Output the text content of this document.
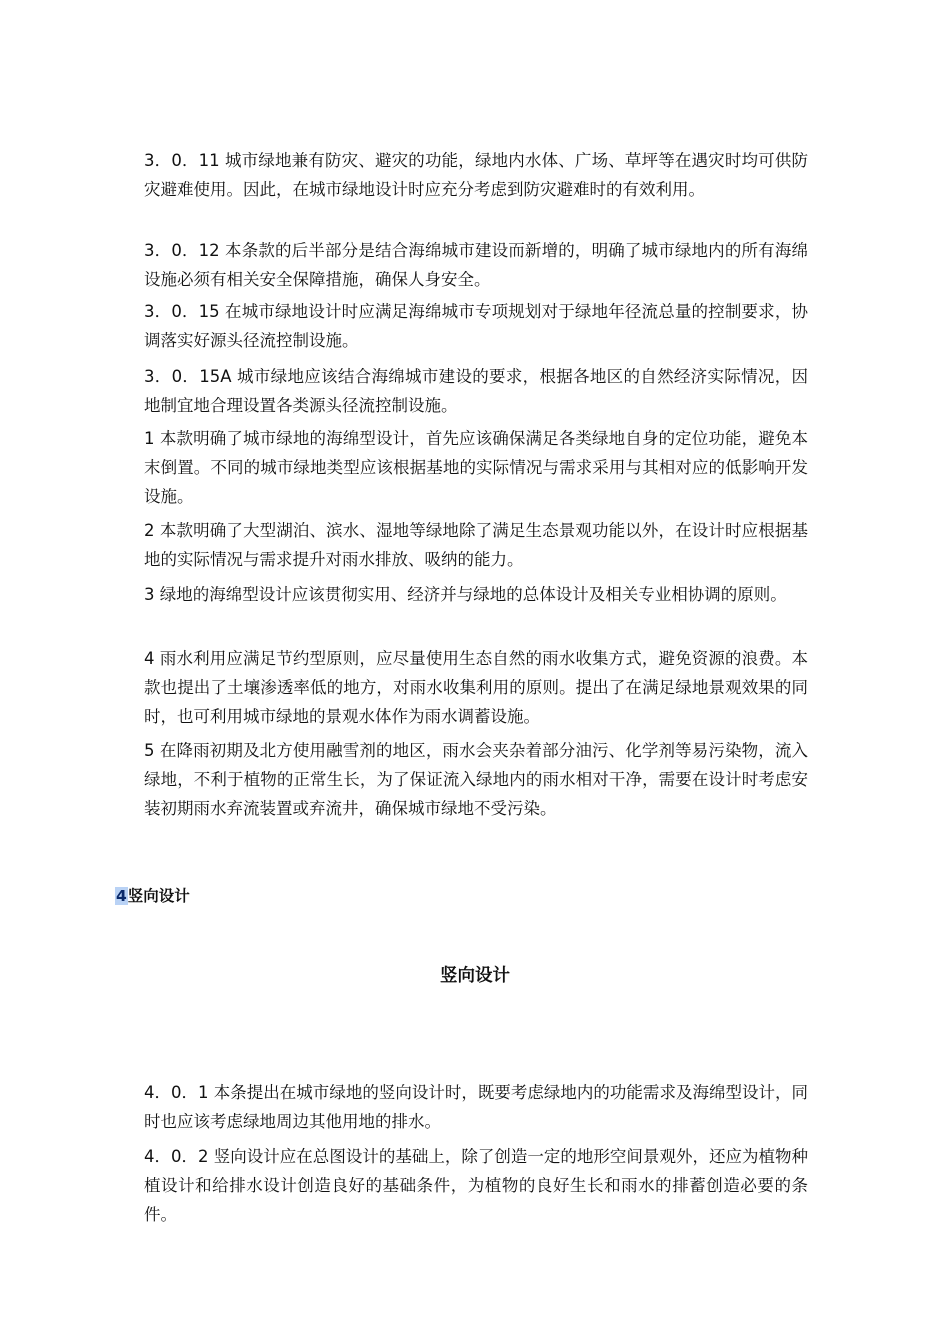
3．0．11 城市绿地兼有防灾、避灾的功能，绿地内水体、广场、草坪等在遇灾时均可供防灾避难使用。因此，在城市绿地设计时应充分考虑到防灾避难时的有效利用。

3．0．12 本条款的后半部分是结合海绵城市建设而新增的，明确了城市绿地内的所有海绵设施必须有相关安全保障措施，确保人身安全。

3．0．15 在城市绿地设计时应满足海绵城市专项规划对于绿地年径流总量的控制要求，协调落实好源头径流控制设施。

3．0．15A 城市绿地应该结合海绵城市建设的要求，根据各地区的自然经济实际情况，因地制宜地合理设置各类源头径流控制设施。

1 本款明确了城市绿地的海绵型设计，首先应该确保满足各类绿地自身的定位功能，避免本末倒置。不同的城市绿地类型应该根据基地的实际情况与需求采用与其相对应的低影响开发设施。

2 本款明确了大型湖泊、滨水、湿地等绿地除了满足生态景观功能以外，在设计时应根据基地的实际情况与需求提升对雨水排放、吸纳的能力。

3 绿地的海绵型设计应该贯彻实用、经济并与绿地的总体设计及相关专业相协调的原则。

4 雨水利用应满足节约型原则，应尽量使用生态自然的雨水收集方式，避免资源的浪费。本款也提出了土壤渗透率低的地方，对雨水收集利用的原则。提出了在满足绿地景观效果的同时，也可利用城市绿地的景观水体作为雨水调蓄设施。

5 在降雨初期及北方使用融雪剂的地区，雨水会夹杂着部分油污、化学剂等易污染物，流入绿地，不利于植物的正常生长，为了保证流入绿地内的雨水相对干净，需要在设计时考虑安装初期雨水弃流装置或弃流井，确保城市绿地不受污染。

4竖向设计
竖向设计

4．0．1 本条提出在城市绿地的竖向设计时，既要考虑绿地内的功能需求及海绵型设计，同时也应该考虑绿地周边其他用地的排水。

4．0．2 竖向设计应在总图设计的基础上，除了创造一定的地形空间景观外，还应为植物种植设计和给排水设计创造良好的基础条件，为植物的良好生长和雨水的排蓄创造必要的条件。
